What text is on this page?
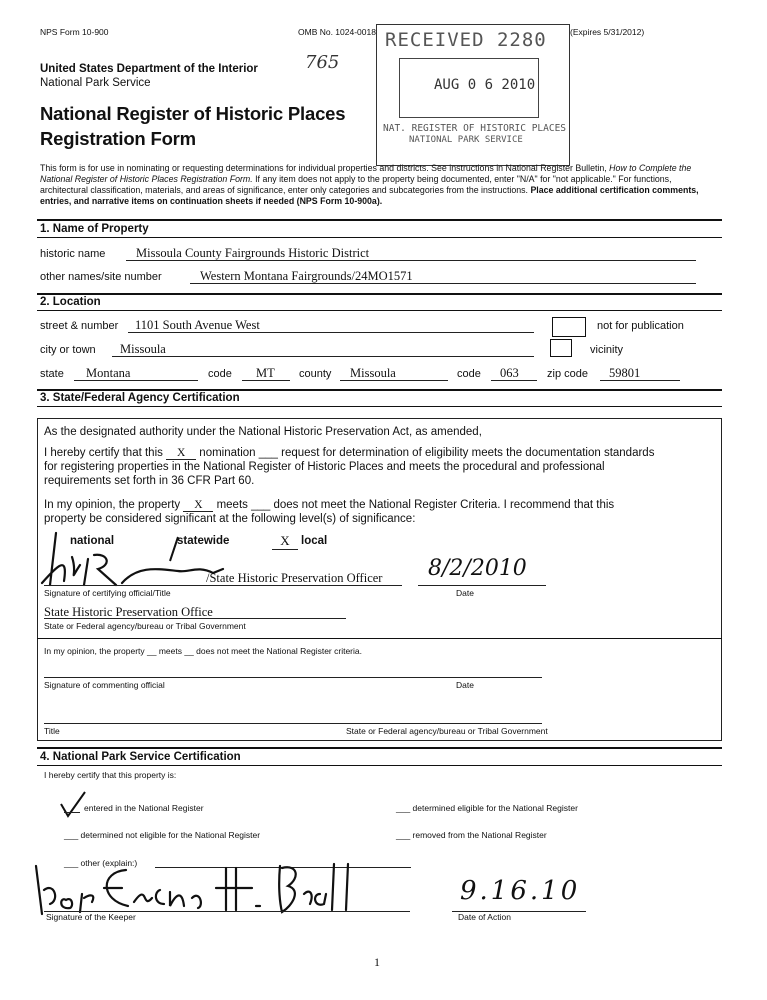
NPS Form 10-900	OMB No. 1024-0018	(Expires 5/31/2012)
765
United States Department of the Interior
National Park Service
National Register of Historic Places
Registration Form
RECEIVED 2280
AUG 0 6 2010
NAT. REGISTER OF HISTORIC PLACES
NATIONAL PARK SERVICE
This form is for use in nominating or requesting determinations for individual properties and districts. See instructions in National Register Bulletin, How to Complete the National Register of Historic Places Registration Form. If any item does not apply to the property being documented, enter "N/A" for "not applicable." For functions, architectural classification, materials, and areas of significance, enter only categories and subcategories from the instructions. Place additional certification comments, entries, and narrative items on continuation sheets if needed (NPS Form 10-900a).
1. Name of Property
historic name Missoula County Fairgrounds Historic District
other names/site number	Western Montana Fairgrounds/24MO1571
2. Location
street & number 1101 South Avenue West	not for publication
city or town Missoula	vicinity
state Montana	code MT county Missoula	code 063	zip code 59801
3. State/Federal Agency Certification
As the designated authority under the National Historic Preservation Act, as amended,
I hereby certify that this X nomination ___ request for determination of eligibility meets the documentation standards
for registering properties in the National Register of Historic Places and meets the procedural and professional
requirements set forth in 36 CFR Part 60.
In my opinion, the property X meets ___ does not meet the National Register Criteria. I recommend that this
property be considered significant at the following level(s) of significance:
national	statewide	X local
/State Historic Preservation Officer
Signature of certifying official/Title
8/2/2010
Date
State Historic Preservation Office
State or Federal agency/bureau or Tribal Government
In my opinion, the property __ meets __ does not meet the National Register criteria.
Signature of commenting official	Date
Title	State or Federal agency/bureau or Tribal Government
4. National Park Service Certification
I hereby certify that this property is:
entered in the National Register	___ determined eligible for the National Register
___ determined not eligible for the National Register	___ removed from the National Register
___ other (explain:)
Signature of the Keeper
9.16.10
Date of Action
1
